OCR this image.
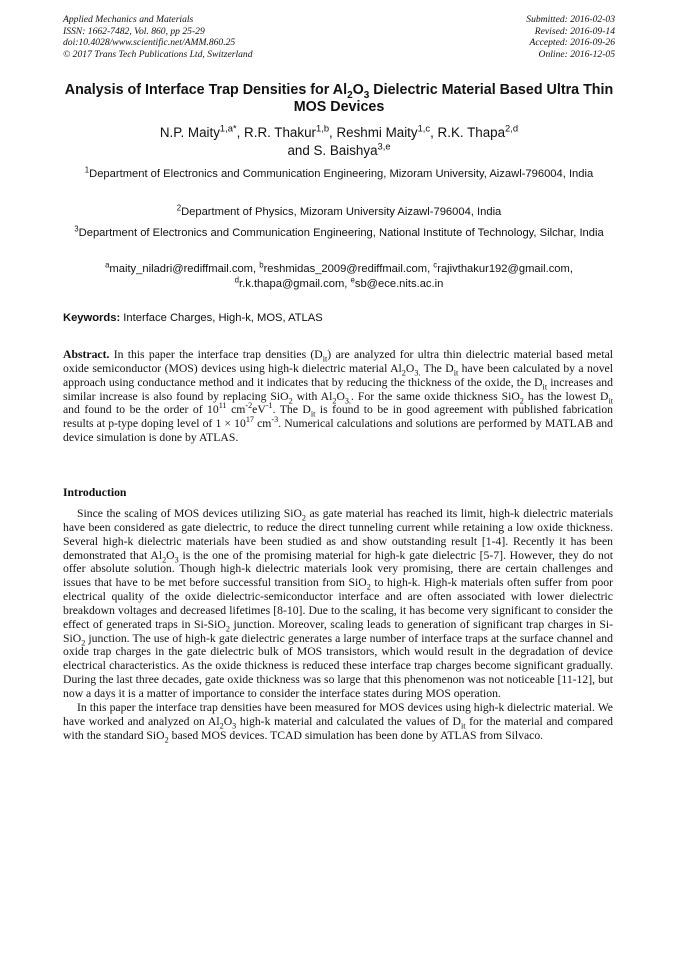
Applied Mechanics and Materials
ISSN: 1662-7482, Vol. 860, pp 25-29
doi:10.4028/www.scientific.net/AMM.860.25
© 2017 Trans Tech Publications Ltd, Switzerland
Submitted: 2016-02-03
Revised: 2016-09-14
Accepted: 2016-09-26
Online: 2016-12-05
Analysis of Interface Trap Densities for $Al_2O_3$ Dielectric Material Based Ultra Thin MOS Devices
N.P. Maity$^{1,a*}$, R.R. Thakur$^{1,b}$, Reshmi Maity$^{1,c}$, R.K. Thapa$^{2,d}$
and S. Baishya$^{3,e}$
$^1$Department of Electronics and Communication Engineering, Mizoram University, Aizawl-796004, India
$^2$Department of Physics, Mizoram University Aizawl-796004, India
$^3$Department of Electronics and Communication Engineering, National Institute of Technology, Silchar, India
$^a$maity_niladri@rediffmail.com, $^b$reshmidas_2009@rediffmail.com, $^c$rajivthakur192@gmail.com,
$^d$r.k.thapa@gmail.com, $^e$sb@ece.nits.ac.in
Keywords: Interface Charges, High-k, MOS, ATLAS
Abstract. In this paper the interface trap densities $(D_{it})$ are analyzed for ultra thin dielectric material based metal oxide semiconductor (MOS) devices using high-k dielectric material $Al_2O_{3.}$ The $D_{it}$ have been calculated by a novel approach using conductance method and it indicates that by reducing the thickness of the oxide, the $D_{it}$ increases and similar increase is also found by replacing SiO$_2$ with $Al_2O_{3.}$. For the same oxide thickness SiO$_2$ has the lowest $D_{it}$ and found to be the order of $10^{11}$ $cm^{-2}eV^{-1}$. The $D_{it}$ is found to be in good agreement with published fabrication results at p-type doping level of $1 \times 10^{17}$ $cm^{-3}$. Numerical calculations and solutions are performed by MATLAB and device simulation is done by ATLAS.
Introduction

Since the scaling of MOS devices utilizing SiO$_2$ as gate material has reached its limit, high-k dielectric materials have been considered as gate dielectric, to reduce the direct tunneling current while retaining a low oxide thickness. Several high-k dielectric materials have been studied as and show outstanding result [1-4]. Recently it has been demonstrated that $Al_2O_3$ is the one of the promising material for high-k gate dielectric [5-7]. However, they do not offer absolute solution. Though high-k dielectric materials look very promising, there are certain challenges and issues that have to be met before successful transition from SiO$_2$ to high-k. High-k materials often suffer from poor electrical quality of the oxide dielectric-semiconductor interface and are often associated with lower dielectric breakdown voltages and decreased lifetimes [8-10]. Due to the scaling, it has become very significant to consider the effect of generated traps in Si-SiO$_2$ junction. Moreover, scaling leads to generation of significant trap charges in Si-SiO$_2$ junction. The use of high-k gate dielectric generates a large number of interface traps at the surface channel and oxide trap charges in the gate dielectric bulk of MOS transistors, which would result in the degradation of device electrical characteristics. As the oxide thickness is reduced these interface trap charges become significant gradually. During the last three decades, gate oxide thickness was so large that this phenomenon was not noticeable [11-12], but now a days it is a matter of importance to consider the interface states during MOS operation.

In this paper the interface trap densities have been measured for MOS devices using high-k dielectric material. We have worked and analyzed on $Al_2O_3$ high-k material and calculated the values of $D_{it}$ for the material and compared with the standard SiO$_2$ based MOS devices. TCAD simulation has been done by ATLAS from Silvaco.
